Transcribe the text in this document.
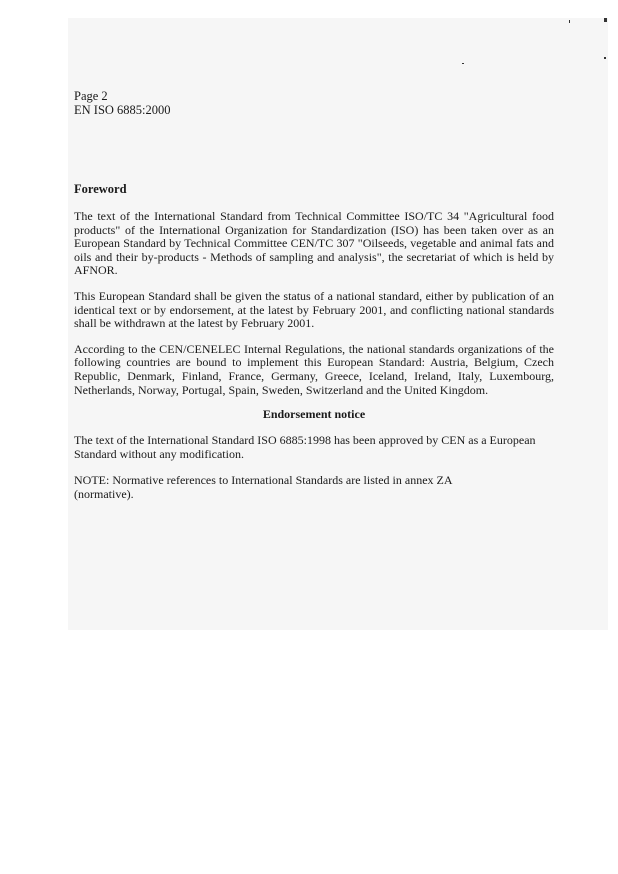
Page 2
EN ISO 6885:2000
Foreword

The text of the International Standard from Technical Committee ISO/TC 34 "Agricultural food products" of the International Organization for Standardization (ISO) has been taken over as an European Standard by Technical Committee CEN/TC 307 "Oilseeds, vegetable and animal fats and oils and their by-products - Methods of sampling and analysis", the secretariat of which is held by AFNOR.

This European Standard shall be given the status of a national standard, either by publication of an identical text or by endorsement, at the latest by February 2001, and conflicting national standards shall be withdrawn at the latest by February 2001.

According to the CEN/CENELEC Internal Regulations, the national standards organizations of the following countries are bound to implement this European Standard: Austria, Belgium, Czech Republic, Denmark, Finland, France, Germany, Greece, Iceland, Ireland, Italy, Luxembourg, Netherlands, Norway, Portugal, Spain, Sweden, Switzerland and the United Kingdom.

Endorsement notice

The text of the International Standard ISO 6885:1998 has been approved by CEN as a European Standard without any modification.

NOTE: Normative references to International Standards are listed in annex ZA (normative).
